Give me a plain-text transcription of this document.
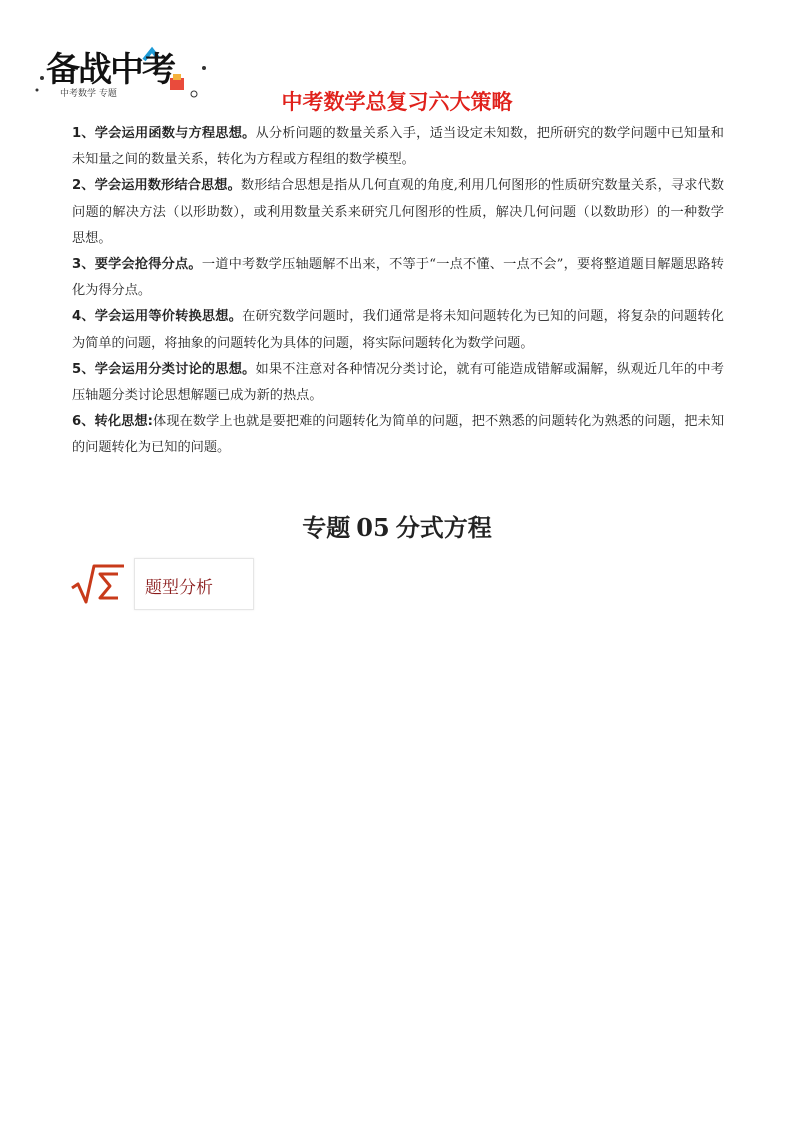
备战中考
中考数学 专题	中考数学总复习六大策略

1、学会运用函数与方程思想。从分析问题的数量关系入手，适当设定未知数，把所研究的数学问题中已知量和未知量之间的数量关系，转化为方程或方程组的数学模型。

2、学会运用数形结合思想。数形结合思想是指从几何直观的角度,利用几何图形的性质研究数量关系，寻求代数问题的解决方法（以形助数），或利用数量关系来研究几何图形的性质，解决几何问题（以数助形）的一种数学思想。

3、要学会抢得分点。一道中考数学压轴题解不出来，不等于“一点不懂、一点不会”，要将整道题目解题思路转化为得分点。

4、学会运用等价转换思想。在研究数学问题时，我们通常是将未知问题转化为已知的问题，将复杂的问题转化为简单的问题，将抽象的问题转化为具体的问题，将实际问题转化为数学问题。

5、学会运用分类讨论的思想。如果不注意对各种情况分类讨论，就有可能造成错解或漏解，纵观近几年的中考压轴题分类讨论思想解题已成为新的热点。

6、转化思想:体现在数学上也就是要把难的问题转化为简单的问题，把不熟悉的问题转化为熟悉的问题，把未知的问题转化为已知的问题。

专题 05 分式方程
题型分析
